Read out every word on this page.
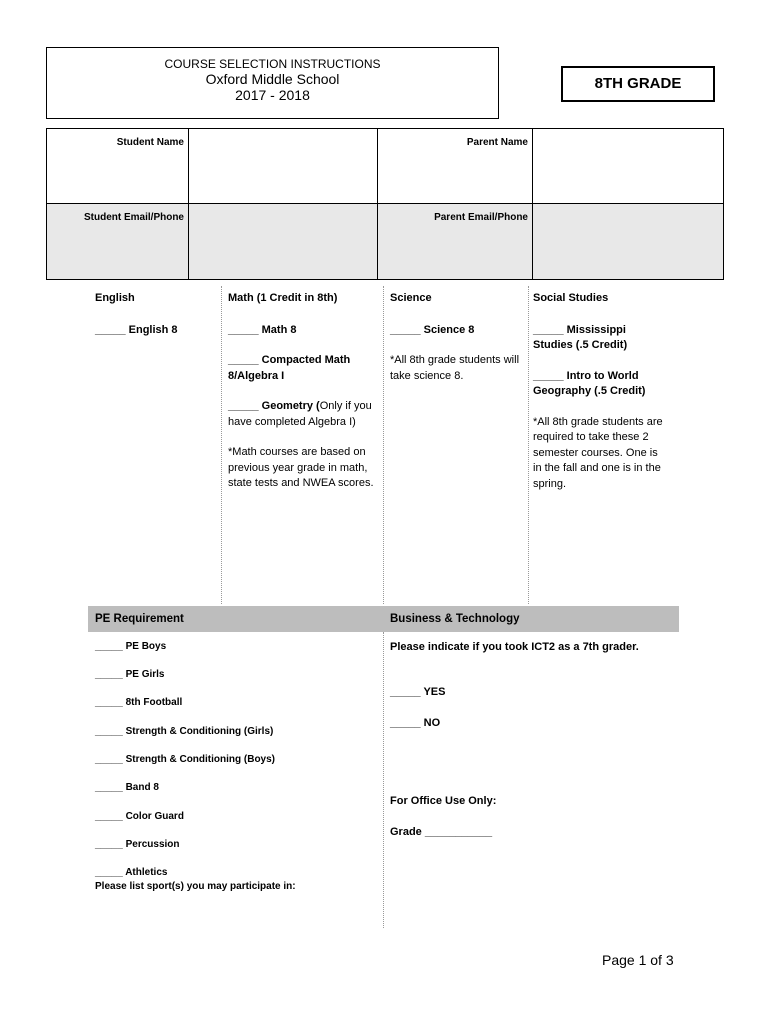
COURSE SELECTION INSTRUCTIONS
Oxford Middle School
2017 - 2018
8TH GRADE
Student Name		Parent Name	
Student Email/Phone		Parent Email/Phone	
English

_____ English 8

Math (1 Credit in 8th)

_____ Math 8

_____ Compacted Math 8/Algebra I

_____ Geometry (Only if you have completed Algebra I)

*Math courses are based on previous year grade in math, state tests and NWEA scores.

Science

_____ Science 8

*All 8th grade students will take science 8.

Social Studies

_____ Mississippi Studies (.5 Credit)

_____ Intro to World Geography (.5 Credit)

*All 8th grade students are required to take these 2 semester courses. One is in the fall and one is in the spring.

PE Requirement	Business & Technology
_____ PE Boys
_____ PE Girls
_____ 8th Football
_____ Strength & Conditioning (Girls)
_____ Strength & Conditioning (Boys)
_____ Band 8
_____ Color Guard
_____ Percussion
_____ Athletics
Please list sport(s) you may participate in:
Please indicate if you took ICT2 as a 7th grader.
_____ YES
_____ NO
For Office Use Only:
Grade ___________
Page 1 of 3
